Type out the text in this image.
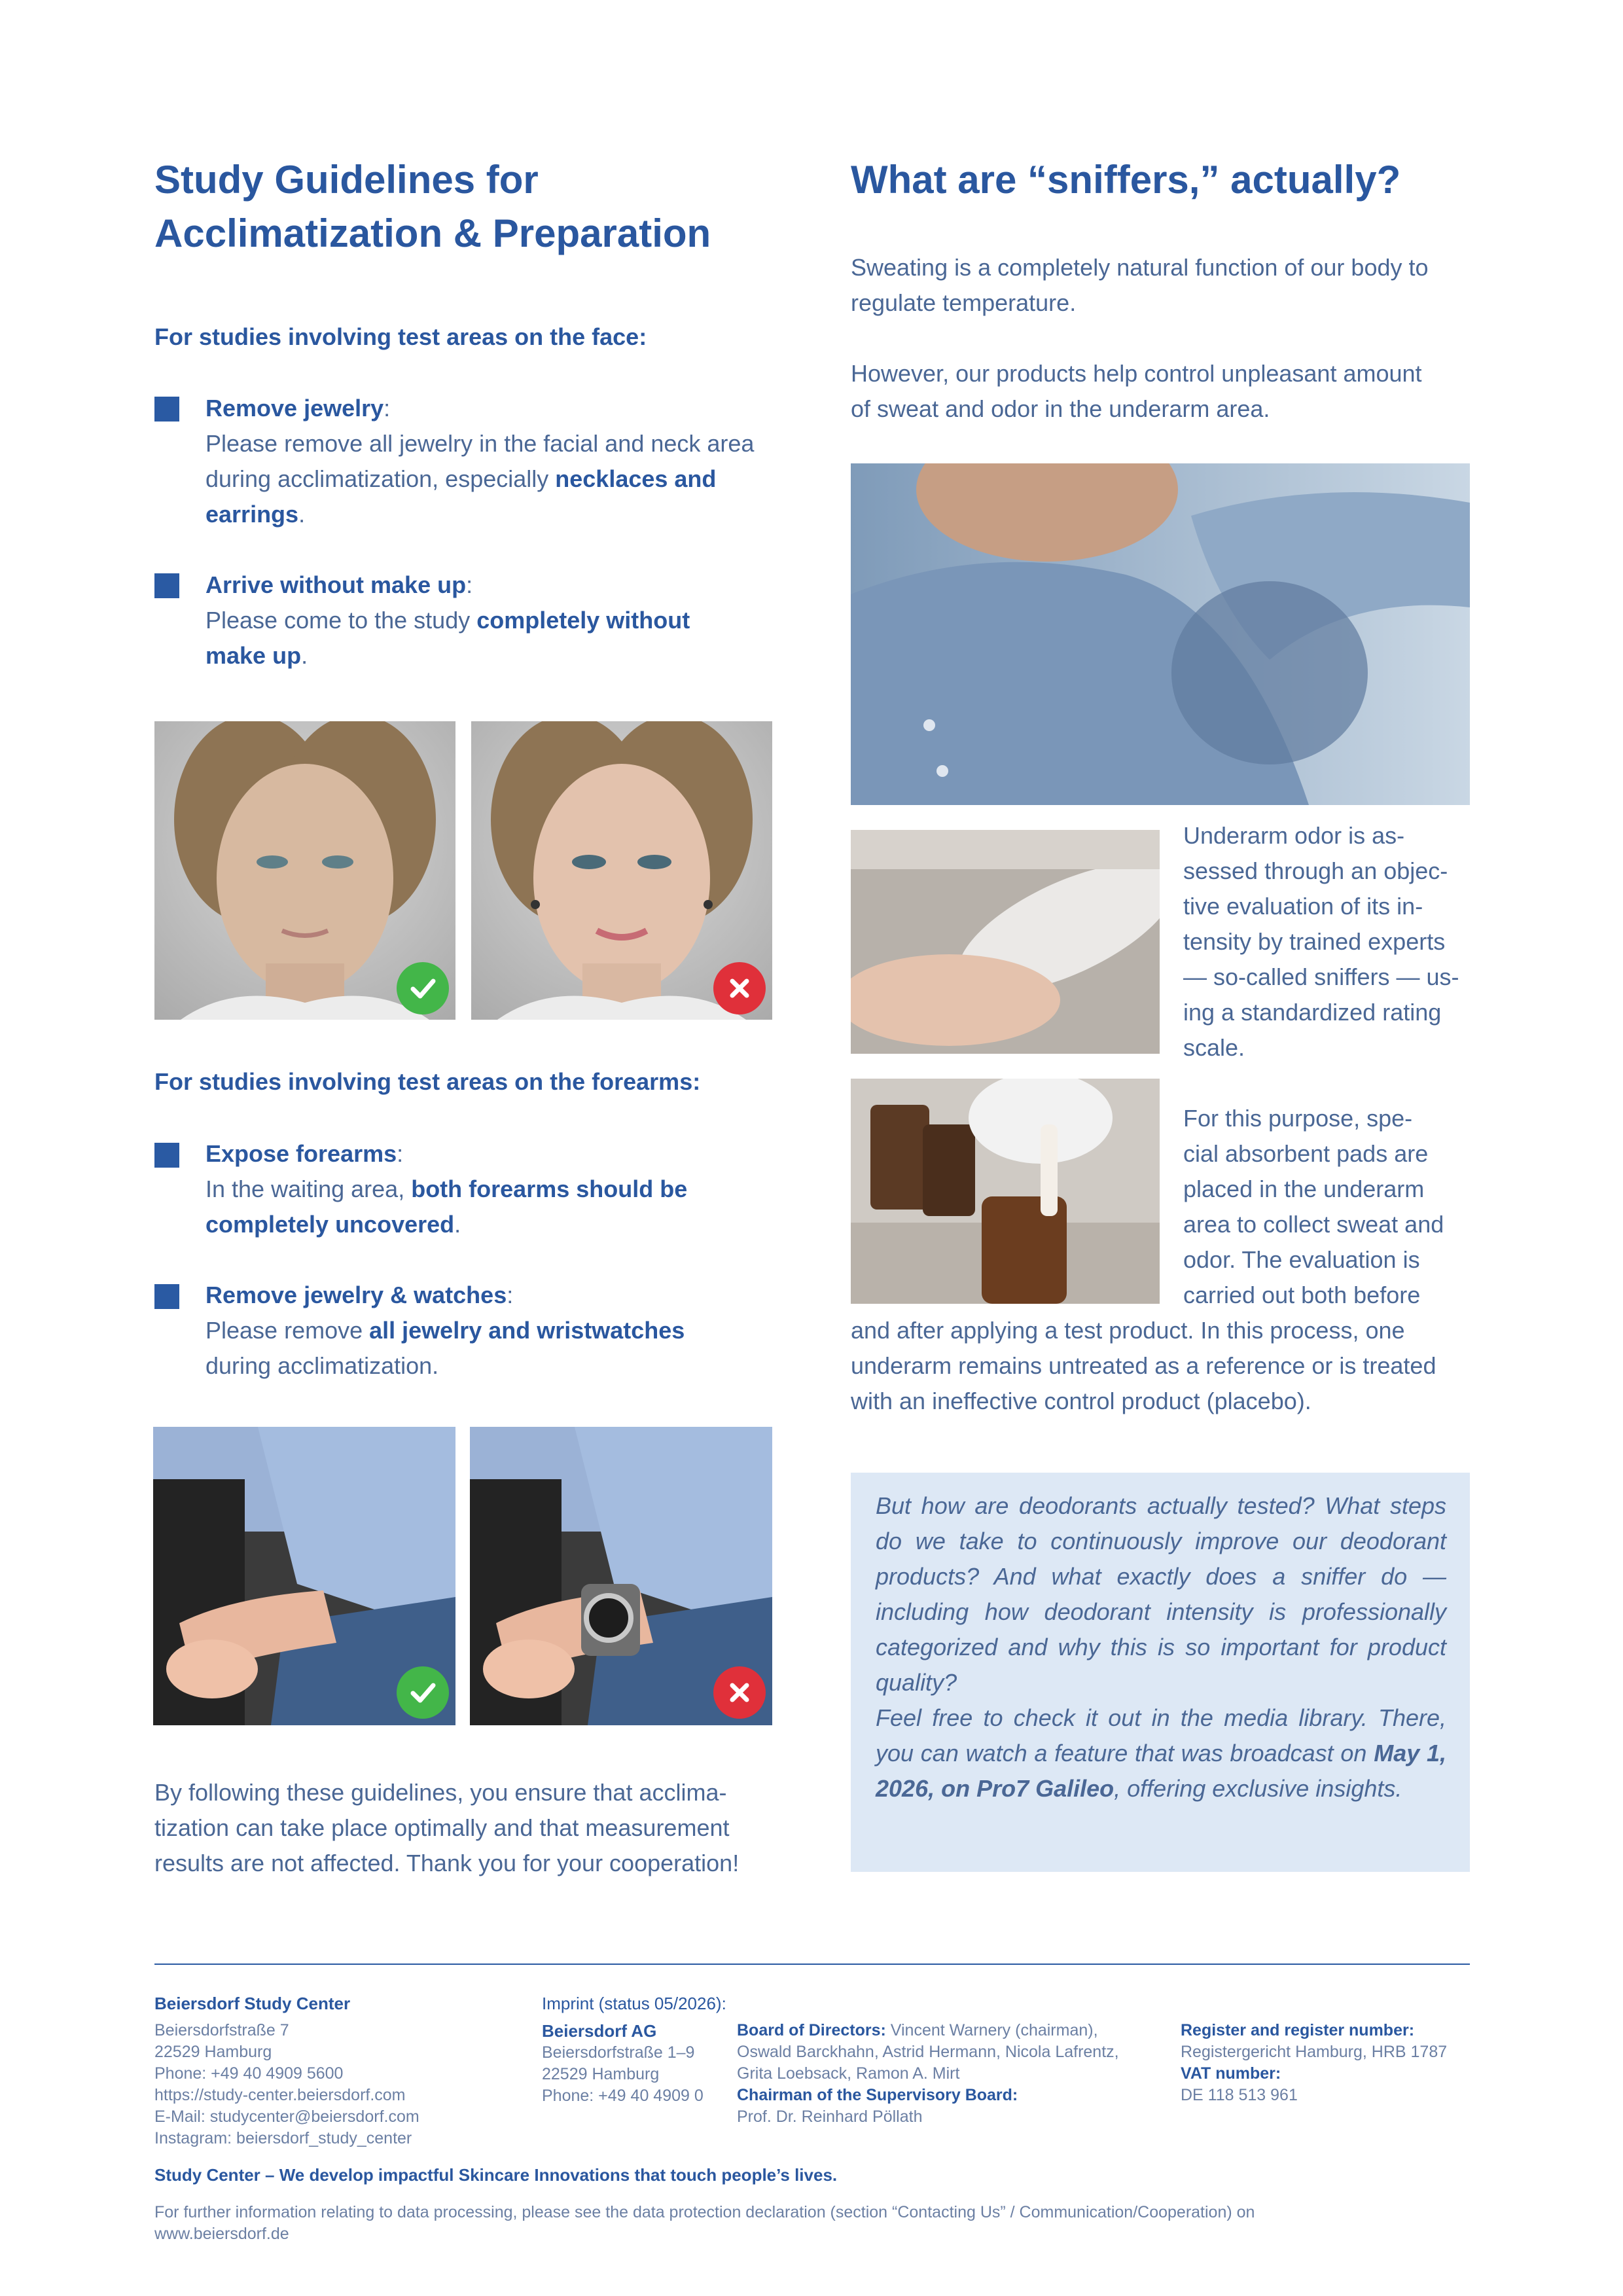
Study Guidelines for
Acclimatization & Preparation
For studies involving test areas on the face:
Remove jewelry:
Please remove all jewelry in the facial and neck area
during acclimatization, especially necklaces and
earrings.
Arrive without make up:
Please come to the study completely without
make up.
For studies involving test areas on the forearms:
Expose forearms:
In the waiting area, both forearms should be
completely uncovered.
Remove jewelry & watches:
Please remove all jewelry and wristwatches
during acclimatization.
By following these guidelines, you ensure that acclima-
tization can take place optimally and that measurement
results are not affected. Thank you for your cooperation!
What are “sniffers,” actually?
Sweating is a completely natural function of our body to
regulate temperature.
However, our products help control unpleasant amount
of sweat and odor in the underarm area.
Underarm odor is as-
sessed through an objec-
tive evaluation of its in-
tensity by trained experts
— so-called sniffers — us-
ing a standardized rating
scale.
For this purpose, spe-
cial absorbent pads are
placed in the underarm
area to collect sweat and
odor. The evaluation is
carried out both before
and after applying a test product. In this process, one
underarm remains untreated as a reference or is treated
with an ineffective control product (placebo).
But how are deodorants actually tested? What steps do we take to continuously improve our deodorant products? And what exactly does a sniffer do — including how deodorant intensity is professionally categorized and why this is so important for product quality?
Feel free to check it out in the media library. There, you can watch a feature that was broadcast on May 1, 2026, on Pro7 Galileo, offering exclusive insights.
Beiersdorf Study Center
Beiersdorfstraße 7
22529 Hamburg
Phone: +49 40 4909 5600
https://study-center.beiersdorf.com
E-Mail: studycenter@beiersdorf.com
Instagram: beiersdorf_study_center
Imprint (status 05/2026):
Beiersdorf AG
Beiersdorfstraße 1–9
22529 Hamburg
Phone: +49 40 4909 0
Board of Directors: Vincent Warnery (chairman),
Oswald Barckhahn, Astrid Hermann, Nicola Lafrentz,
Grita Loebsack, Ramon A. Mirt
Chairman of the Supervisory Board:
Prof. Dr. Reinhard Pöllath
Register and register number:
Registergericht Hamburg, HRB 1787
VAT number:
DE 118 513 961
Study Center – We develop impactful Skincare Innovations that touch people’s lives.
For further information relating to data processing, please see the data protection declaration (section “Contacting Us” / Communication/Cooperation) on
www.beiersdorf.de
